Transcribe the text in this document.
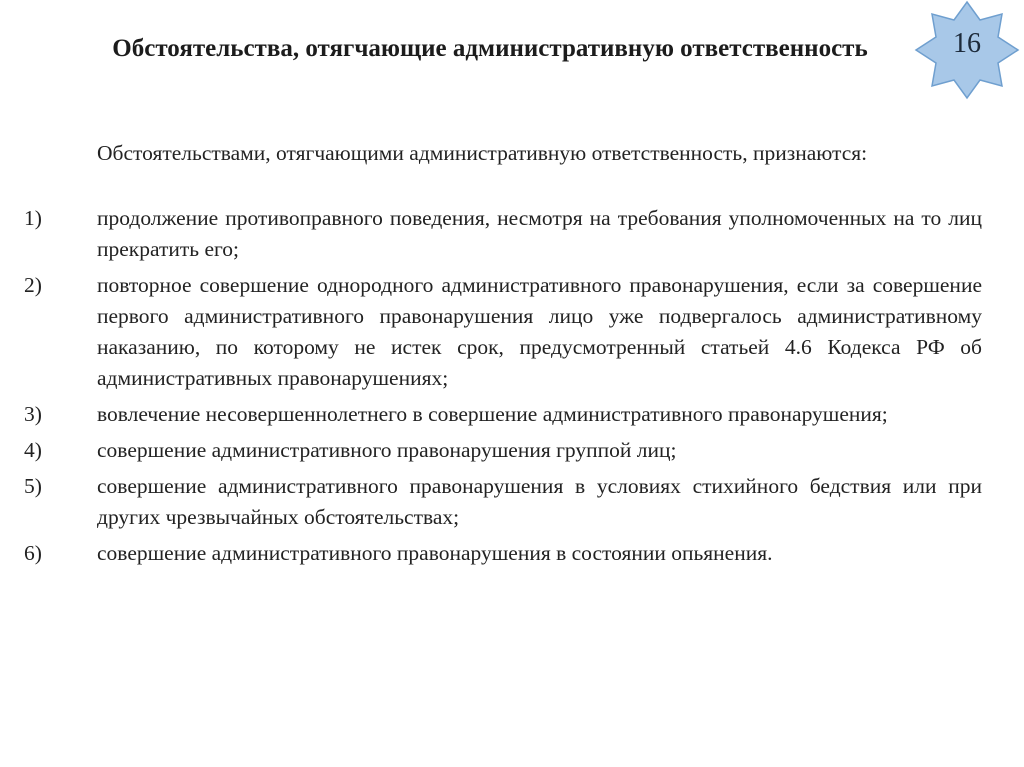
Обстоятельства, отягчающие административную ответственность	16
Обстоятельствами, отягчающими административную ответственность, признаются:
1)	продолжение противоправного поведения, несмотря на требования уполномоченных на то лиц прекратить его;
2)	повторное совершение однородного административного правонарушения, если за совершение первого административного правонарушения лицо уже подвергалось административному наказанию, по которому не истек срок, предусмотренный статьей 4.6 Кодекса РФ об административных правонарушениях;
3)	вовлечение несовершеннолетнего в совершение административного правонарушения;
4)	совершение административного правонарушения группой лиц;
5)	совершение административного правонарушения в условиях стихийного бедствия или при других чрезвычайных обстоятельствах;
6)	совершение административного правонарушения в состоянии опьянения.
